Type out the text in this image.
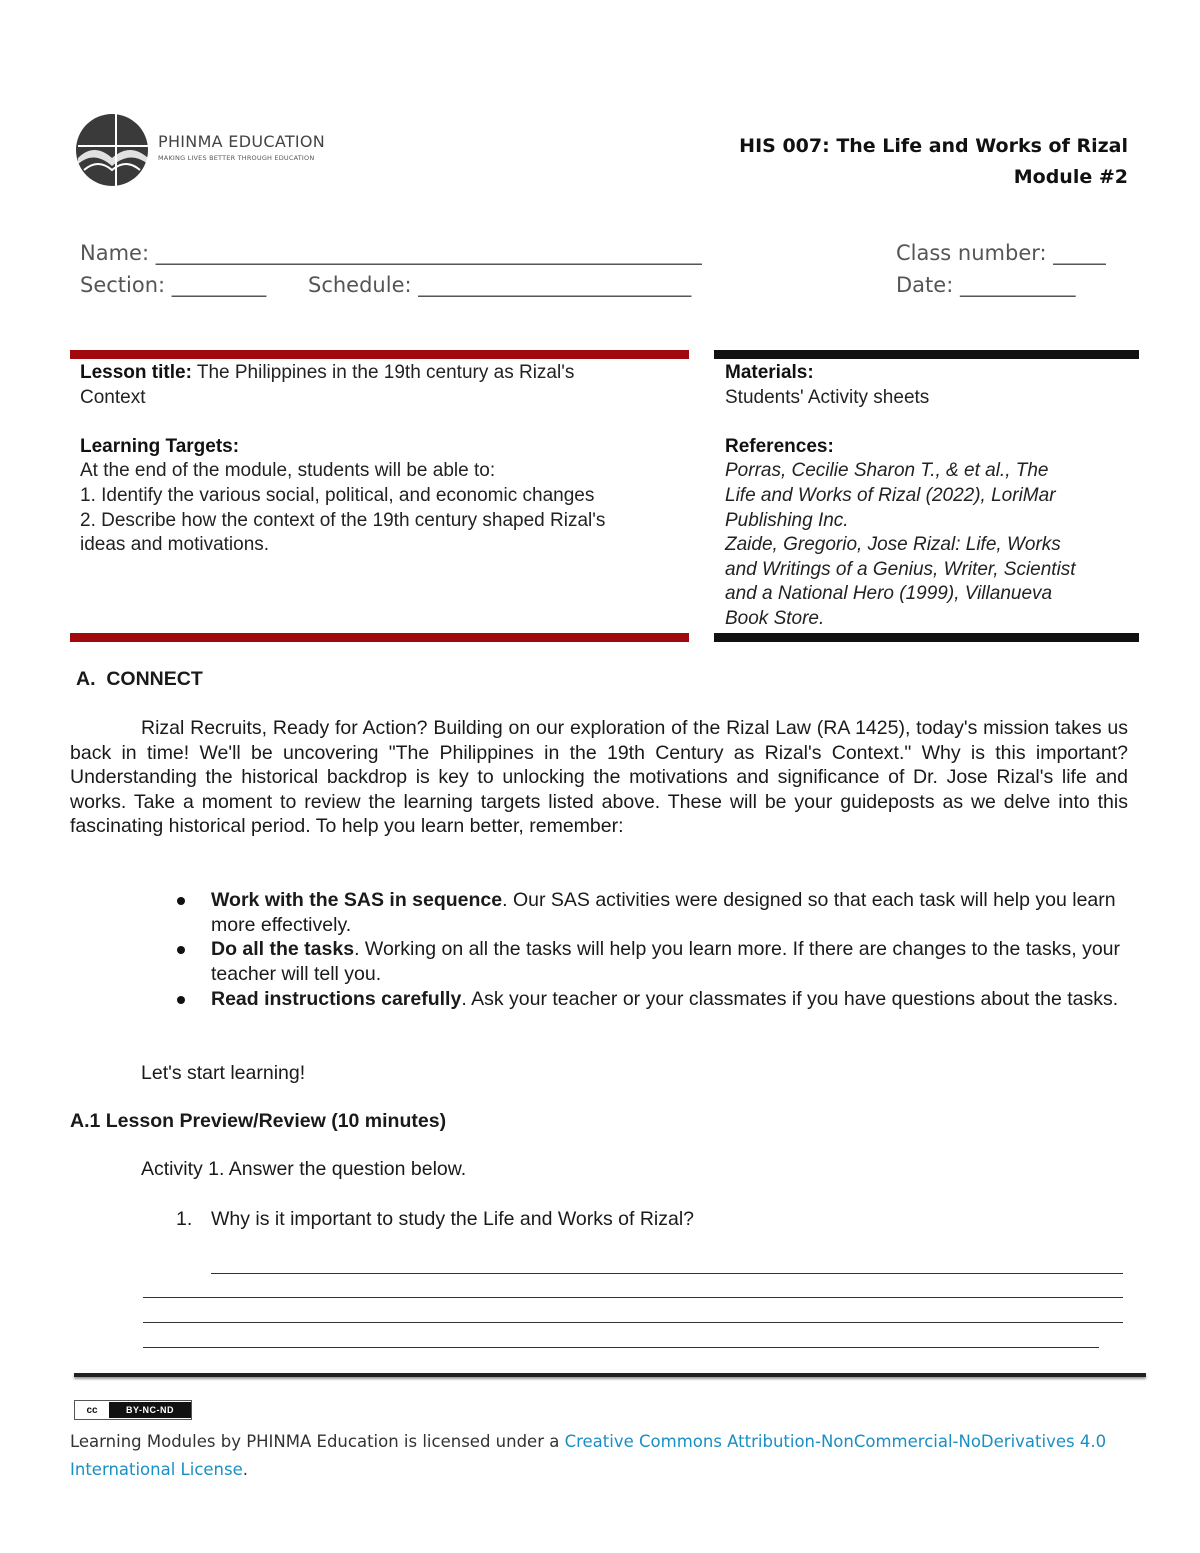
PHINMA EDUCATION
MAKING LIVES BETTER THROUGH EDUCATION
HIS 007: The Life and Works of Rizal
Module #2
Name: ____________________________________________________	Class number: _____
Section: _________ Schedule: __________________________	Date: ___________
Lesson title: The Philippines in the 19th century as Rizal's
Context
Learning Targets:
At the end of the module, students will be able to:
1. Identify the various social, political, and economic changes
2. Describe how the context of the 19th century shaped Rizal's
ideas and motivations.
Materials:
Students' Activity sheets
References:
Porras, Cecilie Sharon T., & et al., The
Life and Works of Rizal (2022), LoriMar
Publishing Inc.
Zaide, Gregorio, Jose Rizal: Life, Works
and Writings of a Genius, Writer, Scientist
and a National Hero (1999), Villanueva
Book Store.
A. CONNECT
Rizal Recruits, Ready for Action? Building on our exploration of the Rizal Law (RA 1425), today's mission takes us back in time! We'll be uncovering "The Philippines in the 19th Century as Rizal's Context." Why is this important? Understanding the historical backdrop is key to unlocking the motivations and significance of Dr. Jose Rizal's life and works. Take a moment to review the learning targets listed above. These will be your guideposts as we delve into this fascinating historical period. To help you learn better, remember:
Work with the SAS in sequence. Our SAS activities were designed so that each task will help you learn more effectively.
Do all the tasks. Working on all the tasks will help you learn more. If there are changes to the tasks, your teacher will tell you.
Read instructions carefully. Ask your teacher or your classmates if you have questions about the tasks.
Let's start learning!
A.1 Lesson Preview/Review (10 minutes)
Activity 1. Answer the question below.
1. Why is it important to study the Life and Works of Rizal?
cc	BY-NC-ND
Learning Modules by PHINMA Education is licensed under a Creative Commons Attribution-NonCommercial-NoDerivatives 4.0 International License.
